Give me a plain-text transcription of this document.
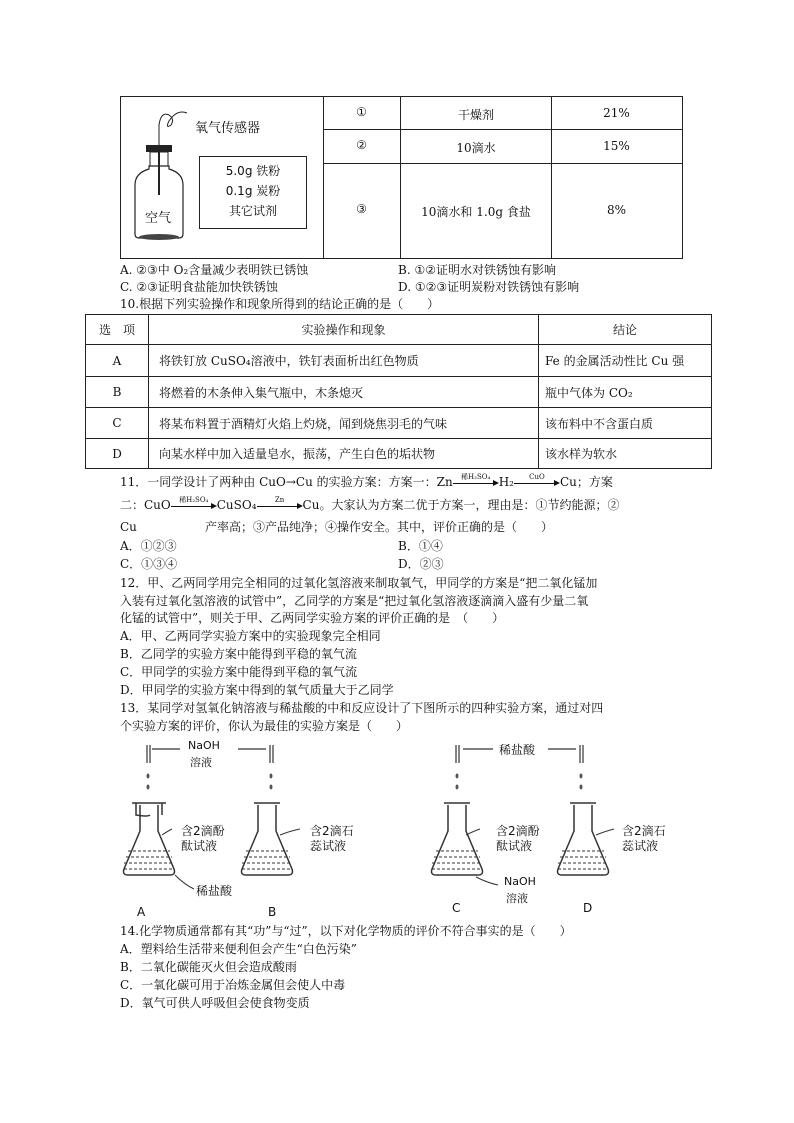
氧气传感器
空气
5.0g 铁粉
0.1g 炭粉
其它试剂
①	干燥剂	21%
②	10滴水	15%
③	10滴水和 1.0g 食盐	8%
A. ②③中 O₂含量减少表明铁已锈蚀	B. ①②证明水对铁锈蚀有影响
C. ②③证明食盐能加快铁锈蚀	D. ①②③证明炭粉对铁锈蚀有影响
10.根据下列实验操作和现象所得到的结论正确的是（　　）
选　项	实验操作和现象	结论
A	将铁钉放 CuSO₄溶液中，铁钉表面析出红色物质	Fe 的金属活动性比 Cu 强
B	将燃着的木条伸入集气瓶中，木条熄灭	瓶中气体为 CO₂
C	将某布料置于酒精灯火焰上灼烧，闻到烧焦羽毛的气味	该布料中不含蛋白质
D	向某水样中加入适量皂水，振荡，产生白色的垢状物	该水样为软水
11．一同学设计了两种由 CuO→Cu 的实验方案：方案一：Zn	稀H₂SO₄ H₂	CuO	Cu；方案
二：CuO	稀H₂SO₄ CuSO₄	Zn	Cu。大家认为方案二优于方案一，理由是：①节约能源；②
Cu	产率高；③产品纯净；④操作安全。其中，评价正确的是（　　）
A．①②③	B．①④
C．①③④	D．②③
12．甲、乙两同学用完全相同的过氧化氢溶液来制取氧气，甲同学的方案是“把二氧化锰加
入装有过氧化氢溶液的试管中”，乙同学的方案是“把过氧化氢溶液逐滴滴入盛有少量二氧
化锰的试管中”，则关于甲、乙两同学实验方案的评价正确的是　（　　）
A．甲、乙两同学实验方案中的实验现象完全相同
B．乙同学的实验方案中能得到平稳的氧气流
C．甲同学的实验方案中能得到平稳的氧气流
D．甲同学的实验方案中得到的氧气质量大于乙同学
13．某同学对氢氧化钠溶液与稀盐酸的中和反应设计了下图所示的四种实验方案，通过对四
个实验方案的评价，你认为最佳的实验方案是（　　）
NaOH
溶液
稀盐酸
含2滴酚
酞试液
含2滴石
蕊试液
含2滴酚
酞试液
含2滴石
蕊试液
稀盐酸
NaOH
溶液
A	B	C	D
14.化学物质通常都有其“功”与“过”，以下对化学物质的评价不符合事实的是（　　）
A．塑料给生活带来便利但会产生“白色污染”
B．二氧化碳能灭火但会造成酸雨
C．一氧化碳可用于冶炼金属但会使人中毒
D．氧气可供人呼吸但会使食物变质
